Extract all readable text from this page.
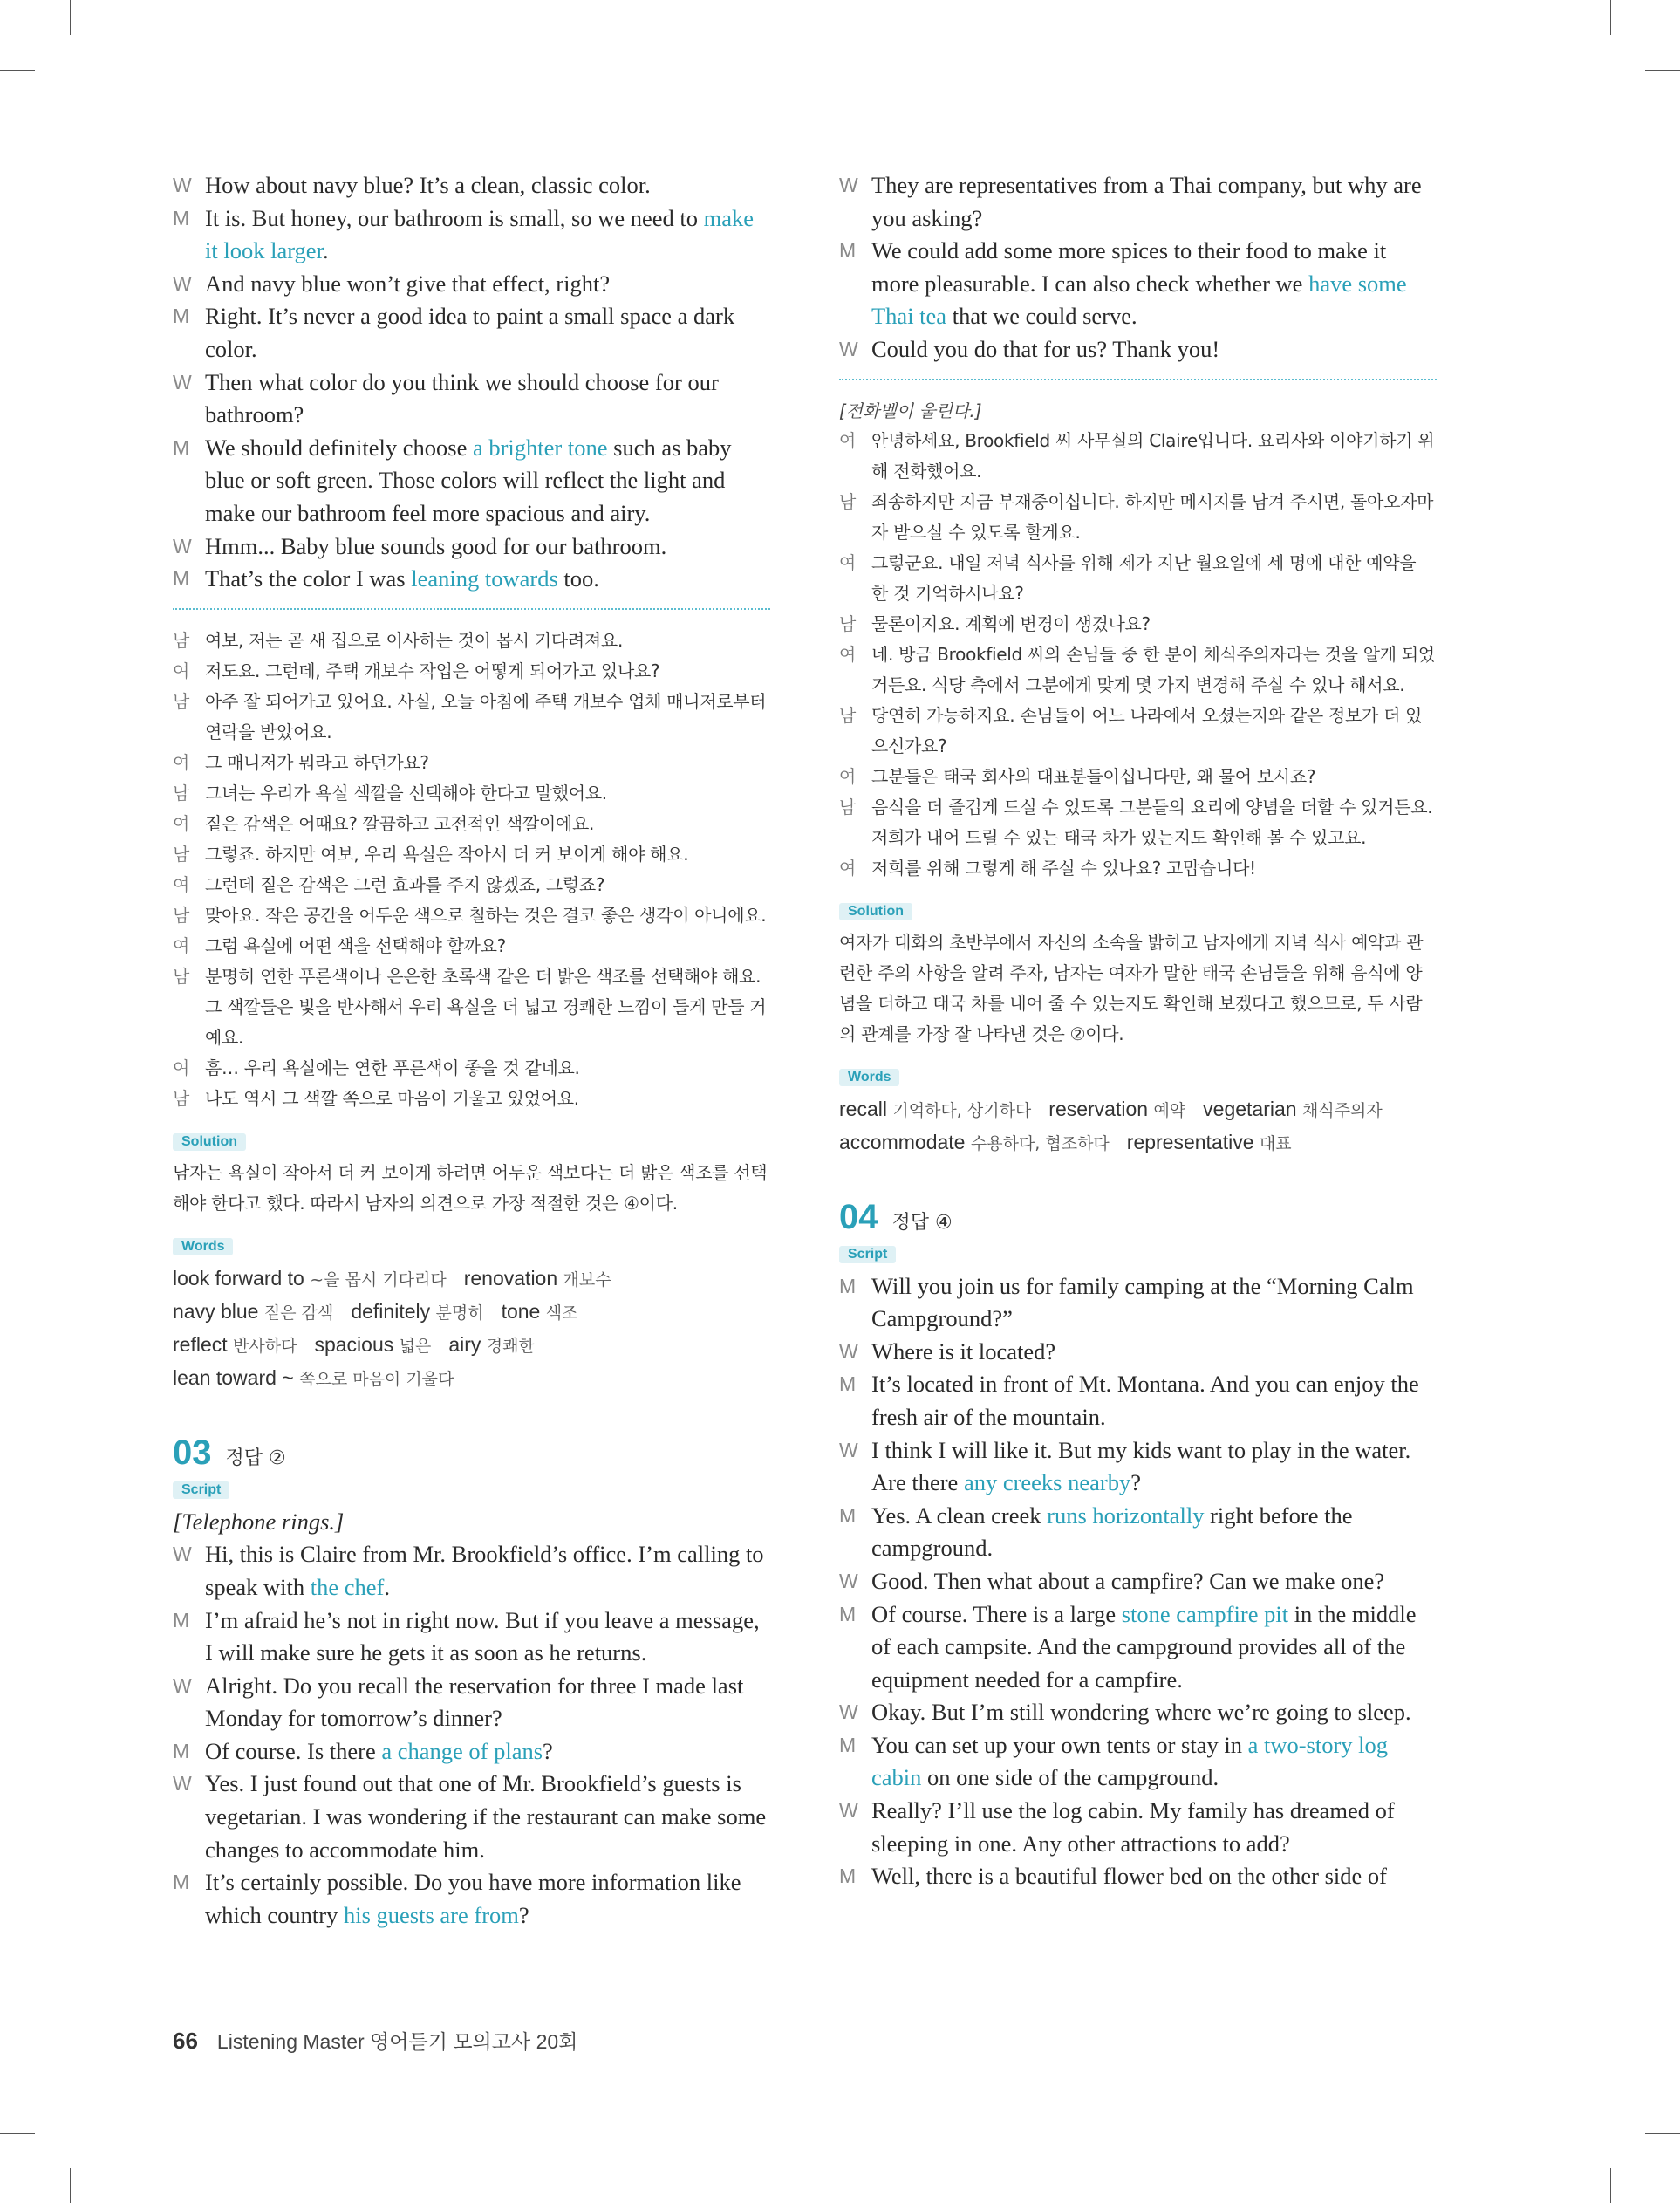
W How about navy blue? It’s a clean, classic color.
M It is. But honey, our bathroom is small, so we need to make it look larger.
W And navy blue won’t give that effect, right?
M Right. It’s never a good idea to paint a small space a dark color.
W Then what color do you think we should choose for our bathroom?
M We should definitely choose a brighter tone such as baby blue or soft green. Those colors will reflect the light and make our bathroom feel more spacious and airy.
W Hmm... Baby blue sounds good for our bathroom.
M That’s the color I was leaning towards too.
남 여보, 저는 곧 새 집으로 이사하는 것이 몹시 기다려져요.
여 저도요. 그런데, 주택 개보수 작업은 어떻게 되어가고 있나요?
남 아주 잘 되어가고 있어요. 사실, 오늘 아침에 주택 개보수 업체 매니저로부터 연락을 받았어요.
여 그 매니저가 뭐라고 하던가요?
남 그녀는 우리가 욕실 색깔을 선택해야 한다고 말했어요.
여 짙은 감색은 어때요? 깔끔하고 고전적인 색깔이에요.
남 그렇죠. 하지만 여보, 우리 욕실은 작아서 더 커 보이게 해야 해요.
여 그런데 짙은 감색은 그런 효과를 주지 않겠죠, 그렇죠?
남 맞아요. 작은 공간을 어두운 색으로 칠하는 것은 결코 좋은 생각이 아니에요.
여 그럼 욕실에 어떤 색을 선택해야 할까요?
남 분명히 연한 푸른색이나 은은한 초록색 같은 더 밝은 색조를 선택해야 해요. 그 색깔들은 빛을 반사해서 우리 욕실을 더 넓고 경쾌한 느낌이 들게 만들 거예요.
여 흠… 우리 욕실에는 연한 푸른색이 좋을 것 같네요.
남 나도 역시 그 색깔 쪽으로 마음이 기울고 있었어요.
Solution
남자는 욕실이 작아서 더 커 보이게 하려면 어두운 색보다는 더 밝은 색조를 선택해야 한다고 했다. 따라서 남자의 의견으로 가장 적절한 것은 ④이다.
Words
look forward to ~을 몹시 기다리다 renovation 개보수
navy blue 짙은 감색 definitely 분명히 tone 색조
reflect 반사하다 spacious 넓은 airy 경쾌한
lean toward ~ 쪽으로 마음이 기울다
03 정답 ②
Script
[Telephone rings.]
W Hi, this is Claire from Mr. Brookfield’s office. I’m calling to speak with the chef.
M I’m afraid he’s not in right now. But if you leave a message, I will make sure he gets it as soon as he returns.
W Alright. Do you recall the reservation for three I made last Monday for tomorrow’s dinner?
M Of course. Is there a change of plans?
W Yes. I just found out that one of Mr. Brookfield’s guests is vegetarian. I was wondering if the restaurant can make some changes to accommodate him.
M It’s certainly possible. Do you have more information like which country his guests are from?
W They are representatives from a Thai company, but why are you asking?
M We could add some more spices to their food to make it more pleasurable. I can also check whether we have some Thai tea that we could serve.
W Could you do that for us? Thank you!
[전화벨이 울린다.]
여 안녕하세요, Brookfield 씨 사무실의 Claire입니다. 요리사와 이야기하기 위해 전화했어요.
남 죄송하지만 지금 부재중이십니다. 하지만 메시지를 남겨 주시면, 돌아오자마자 받으실 수 있도록 할게요.
여 그렇군요. 내일 저녁 식사를 위해 제가 지난 월요일에 세 명에 대한 예약을 한 것 기억하시나요?
남 물론이지요. 계획에 변경이 생겼나요?
여 네. 방금 Brookfield 씨의 손님들 중 한 분이 채식주의자라는 것을 알게 되었거든요. 식당 측에서 그분에게 맞게 몇 가지 변경해 주실 수 있나 해서요.
남 당연히 가능하지요. 손님들이 어느 나라에서 오셨는지와 같은 정보가 더 있으신가요?
여 그분들은 태국 회사의 대표분들이십니다만, 왜 물어 보시죠?
남 음식을 더 즐겁게 드실 수 있도록 그분들의 요리에 양념을 더할 수 있거든요. 저희가 내어 드릴 수 있는 태국 차가 있는지도 확인해 볼 수 있고요.
여 저희를 위해 그렇게 해 주실 수 있나요? 고맙습니다!
Solution
여자가 대화의 초반부에서 자신의 소속을 밝히고 남자에게 저녁 식사 예약과 관련한 주의 사항을 알려 주자, 남자는 여자가 말한 태국 손님들을 위해 음식에 양념을 더하고 태국 차를 내어 줄 수 있는지도 확인해 보겠다고 했으므로, 두 사람의 관계를 가장 잘 나타낸 것은 ②이다.
Words
recall 기억하다, 상기하다 reservation 예약 vegetarian 채식주의자
accommodate 수용하다, 협조하다 representative 대표
04 정답 ④
Script
M Will you join us for family camping at the “Morning Calm Campground?”
W Where is it located?
M It’s located in front of Mt. Montana. And you can enjoy the fresh air of the mountain.
W I think I will like it. But my kids want to play in the water. Are there any creeks nearby?
M Yes. A clean creek runs horizontally right before the campground.
W Good. Then what about a campfire? Can we make one?
M Of course. There is a large stone campfire pit in the middle of each campsite. And the campground provides all of the equipment needed for a campfire.
W Okay. But I’m still wondering where we’re going to sleep.
M You can set up your own tents or stay in a two-story log cabin on one side of the campground.
W Really? I’ll use the log cabin. My family has dreamed of sleeping in one. Any other attractions to add?
M Well, there is a beautiful flower bed on the other side of
66 Listening Master 영어듣기 모의고사 20회
